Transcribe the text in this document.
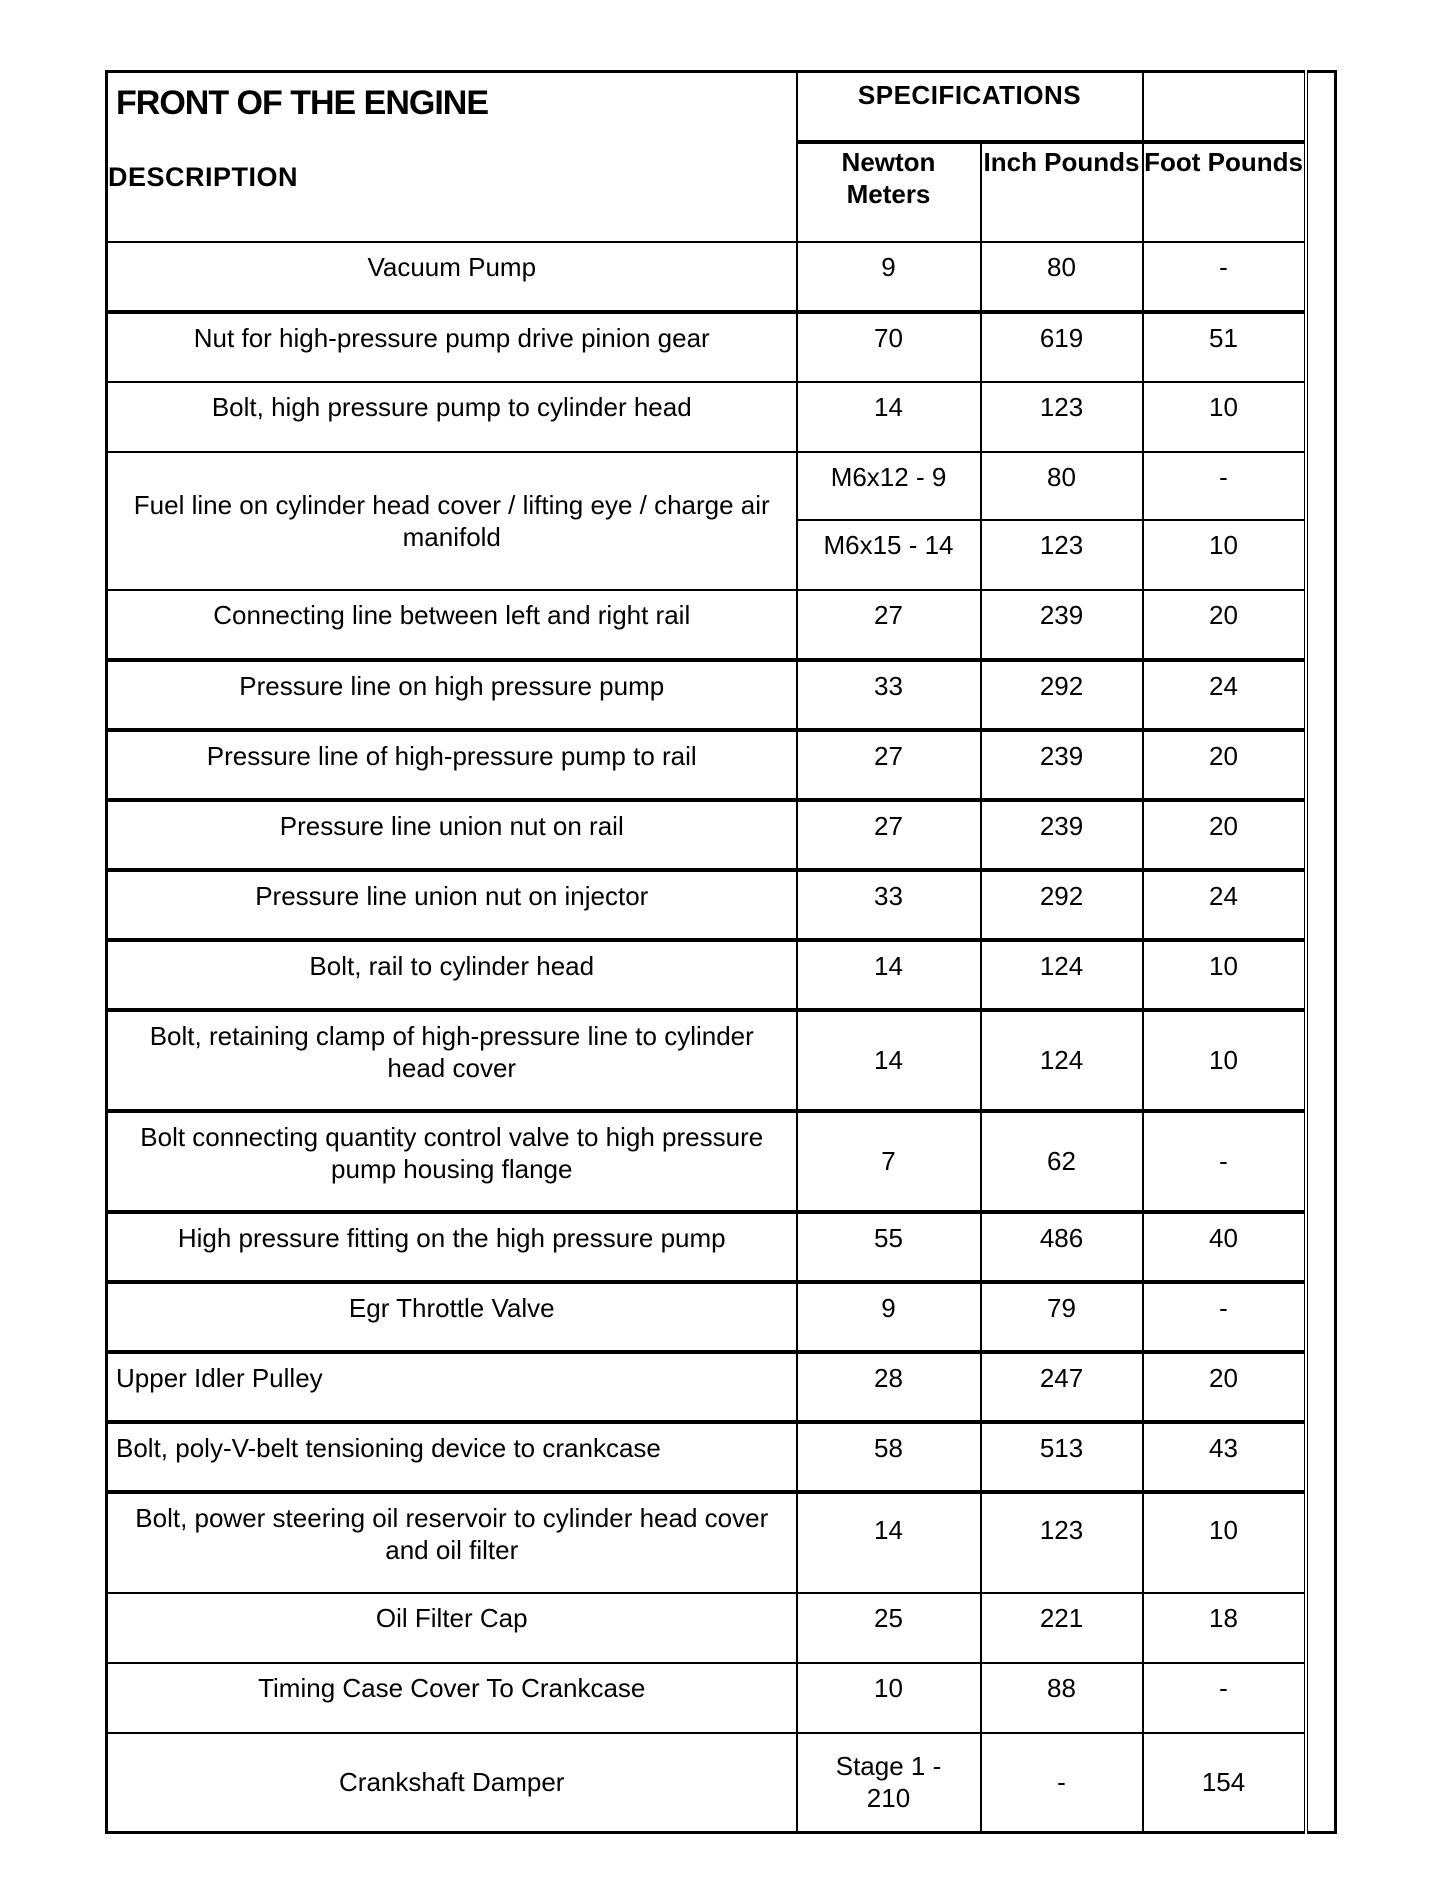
FRONT OF THE ENGINE
DESCRIPTION	SPECIFICATIONS			
	Newton Meters	Inch Pounds	Foot Pounds	
Vacuum Pump	9	80	-	
Nut for high-pressure pump drive pinion gear	70	619	51	
Bolt, high pressure pump to cylinder head	14	123	10	
Fuel line on cylinder head cover / lifting eye / charge air manifold	M6x12 - 9	80	-	
	M6x15 - 14	123	10	
Connecting line between left and right rail	27	239	20	
Pressure line on high pressure pump	33	292	24	
Pressure line of high-pressure pump to rail	27	239	20	
Pressure line union nut on rail	27	239	20	
Pressure line union nut on injector	33	292	24	
Bolt, rail to cylinder head	14	124	10	
Bolt, retaining clamp of high-pressure line to cylinder head cover	14	124	10	
Bolt connecting quantity control valve to high pressure pump housing flange	7	62	-	
High pressure fitting on the high pressure pump	55	486	40	
Egr Throttle Valve	9	79	-	
Upper Idler Pulley	28	247	20	
Bolt, poly-V-belt tensioning device to crankcase	58	513	43	
Bolt, power steering oil reservoir to cylinder head cover and oil filter	14	123	10	
Oil Filter Cap	25	221	18	
Timing Case Cover To Crankcase	10	88	-	
Crankshaft Damper	Stage 1 - 210	-	154	
